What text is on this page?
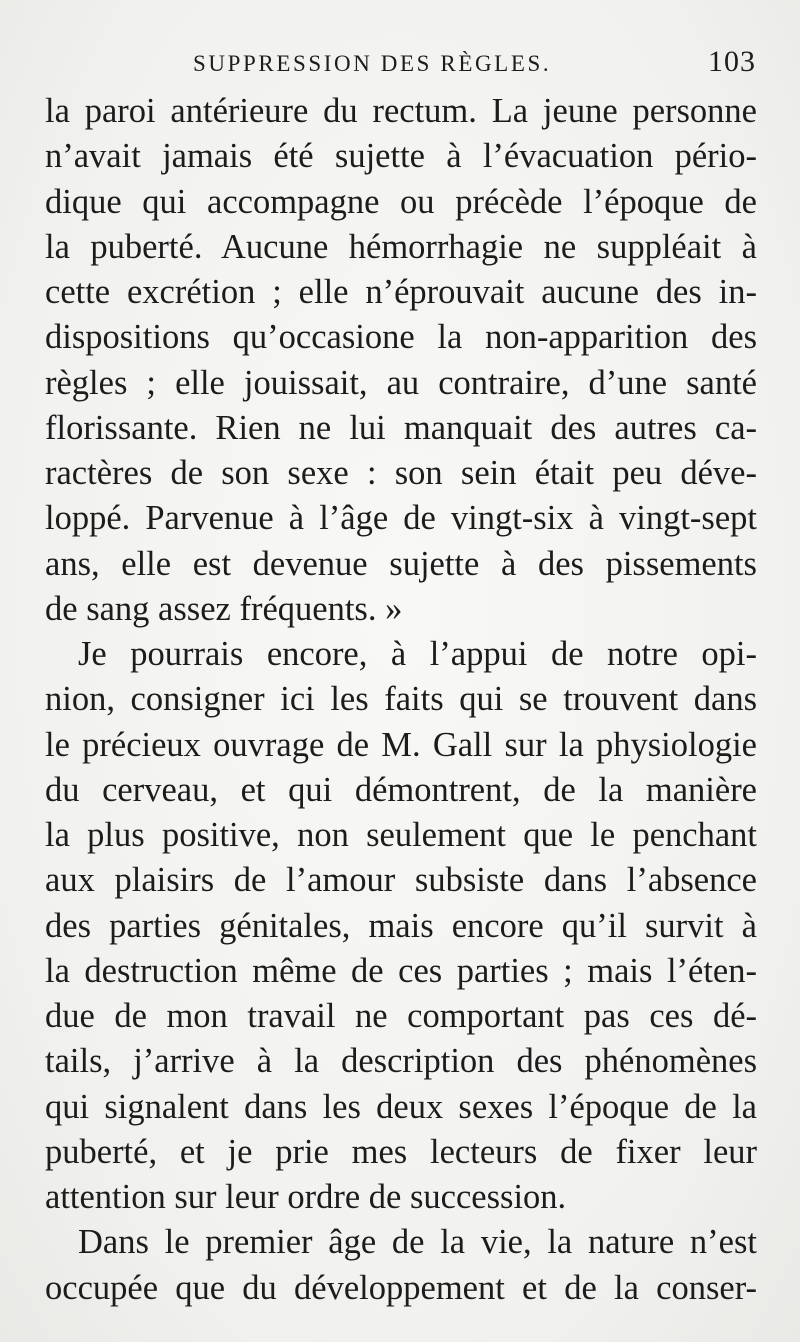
SUPPRESSION DES RÈGLES.	103
la paroi antérieure du rectum. La jeune personne
n’avait jamais été sujette à l’évacuation pério-
dique qui accompagne ou précède l’époque de
la puberté. Aucune hémorrhagie ne suppléait à
cette excrétion ; elle n’éprouvait aucune des in-
dispositions qu’occasione la non-apparition des
règles ; elle jouissait, au contraire, d’une santé
florissante. Rien ne lui manquait des autres ca-
ractères de son sexe : son sein était peu déve-
loppé. Parvenue à l’âge de vingt-six à vingt-sept
ans, elle est devenue sujette à des pissements
de sang assez fréquents. »
Je pourrais encore, à l’appui de notre opi-
nion, consigner ici les faits qui se trouvent dans
le précieux ouvrage de M. Gall sur la physiologie
du cerveau, et qui démontrent, de la manière
la plus positive, non seulement que le penchant
aux plaisirs de l’amour subsiste dans l’absence
des parties génitales, mais encore qu’il survit à
la destruction même de ces parties ; mais l’éten-
due de mon travail ne comportant pas ces dé-
tails, j’arrive à la description des phénomènes
qui signalent dans les deux sexes l’époque de la
puberté, et je prie mes lecteurs de fixer leur
attention sur leur ordre de succession.
Dans le premier âge de la vie, la nature n’est
occupée que du développement et de la conser-
